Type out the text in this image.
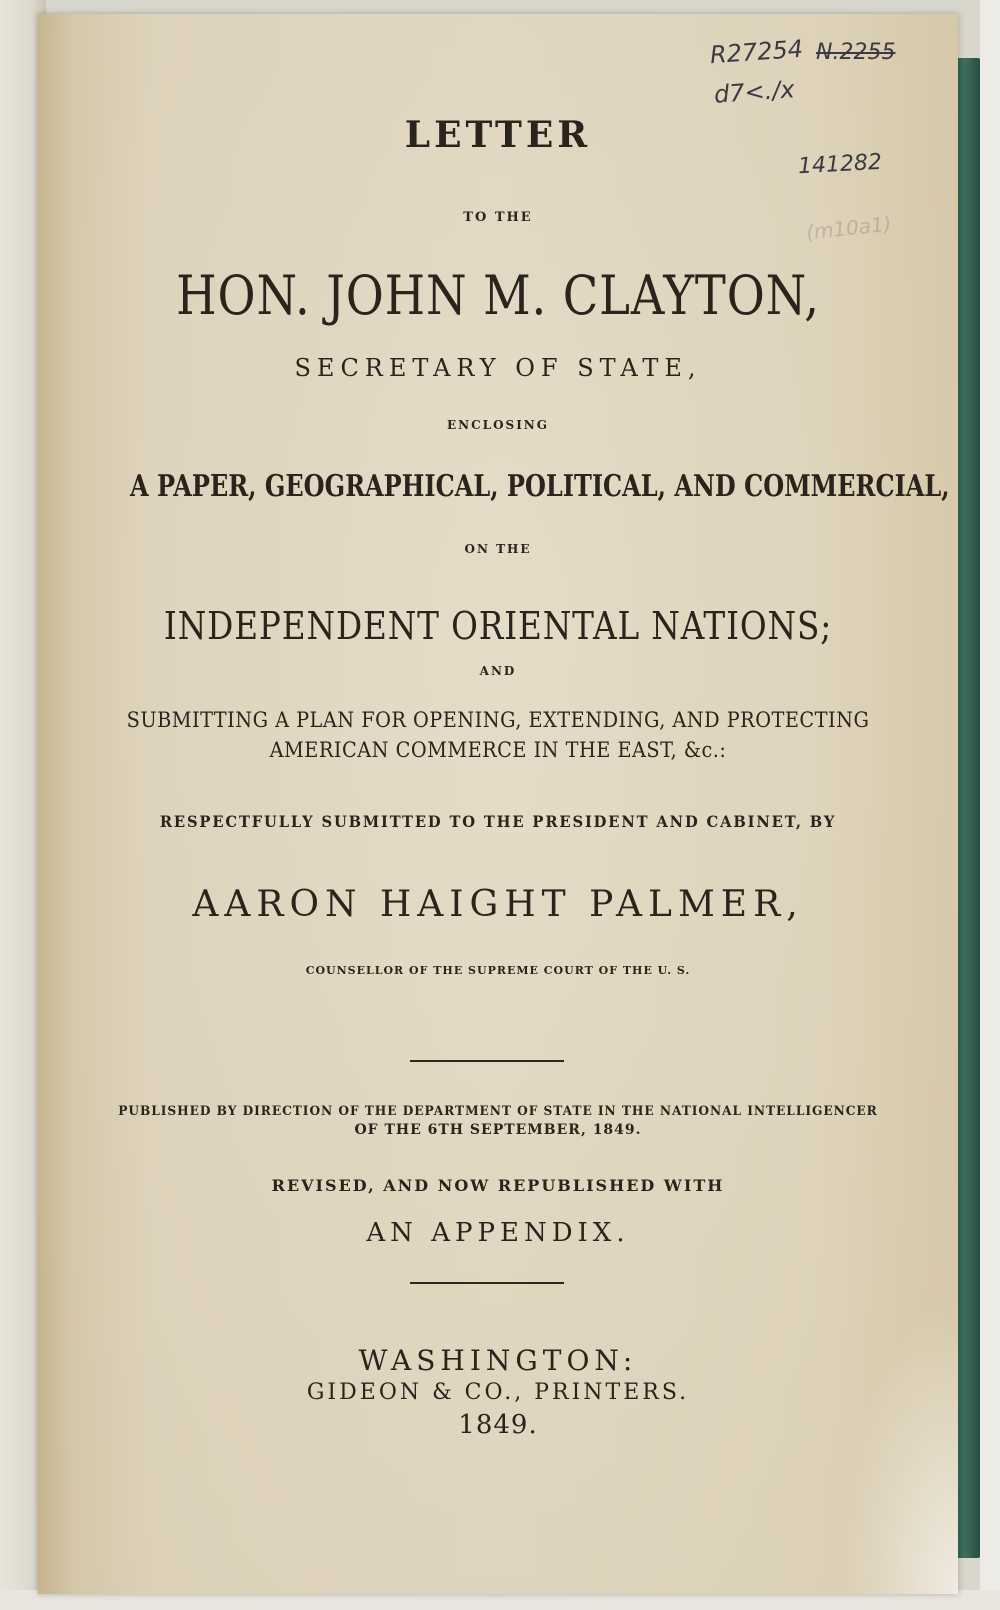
R27254 N.2255
d7<./x
141282
(m10a1)
LETTER
TO THE
HON. JOHN M. CLAYTON,
SECRETARY OF STATE,
ENCLOSING
A PAPER, GEOGRAPHICAL, POLITICAL, AND COMMERCIAL,
ON THE
INDEPENDENT ORIENTAL NATIONS;
AND
SUBMITTING A PLAN FOR OPENING, EXTENDING, AND PROTECTING
AMERICAN COMMERCE IN THE EAST, &c.:
RESPECTFULLY SUBMITTED TO THE PRESIDENT AND CABINET, BY
AARON HAIGHT PALMER,
COUNSELLOR OF THE SUPREME COURT OF THE U. S.
PUBLISHED BY DIRECTION OF THE DEPARTMENT OF STATE IN THE NATIONAL INTELLIGENCER
OF THE 6TH SEPTEMBER, 1849.
REVISED, AND NOW REPUBLISHED WITH
AN APPENDIX.
WASHINGTON:
GIDEON & CO., PRINTERS.
1849.
